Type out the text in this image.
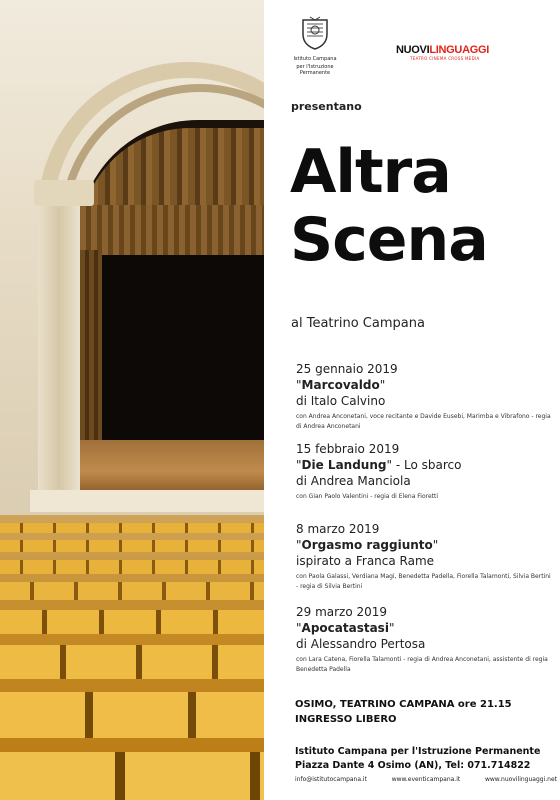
Istituto Campana
per l'Istruzione Permanente
NUOVILINGUAGGI
TEATRO CINEMA CROSS MEDIA
presentano
Altra
Scena
al Teatrino Campana
25 gennaio 2019
"Marcovaldo"
di Italo Calvino
con Andrea Anconetani, voce recitante e Davide Eusebi, Marimba e Vibrafono - regia di Andrea Anconetani
15 febbraio 2019
"Die Landung" - Lo sbarco
di Andrea Manciola
con Gian Paolo Valentini - regia di Elena Fioretti
8 marzo 2019
"Orgasmo raggiunto"
ispirato a Franca Rame
con Paola Galassi, Verdiana Magi, Benedetta Padella, Fiorella Talamonti, Silvia Bertini - regia di Silvia Bertini
29 marzo 2019
"Apocatastasi"
di Alessandro Pertosa
con Lara Catena, Fiorella Talamonti - regia di Andrea Anconetani, assistente di regia Benedetta Padella
OSIMO, TEATRINO CAMPANA ore 21.15
INGRESSO LIBERO
Istituto Campana per l'Istruzione Permanente
Piazza Dante 4 Osimo (AN), Tel: 071.714822
info@istitutocampana.it	www.eventicampana.it	www.nuovilinguaggi.net
